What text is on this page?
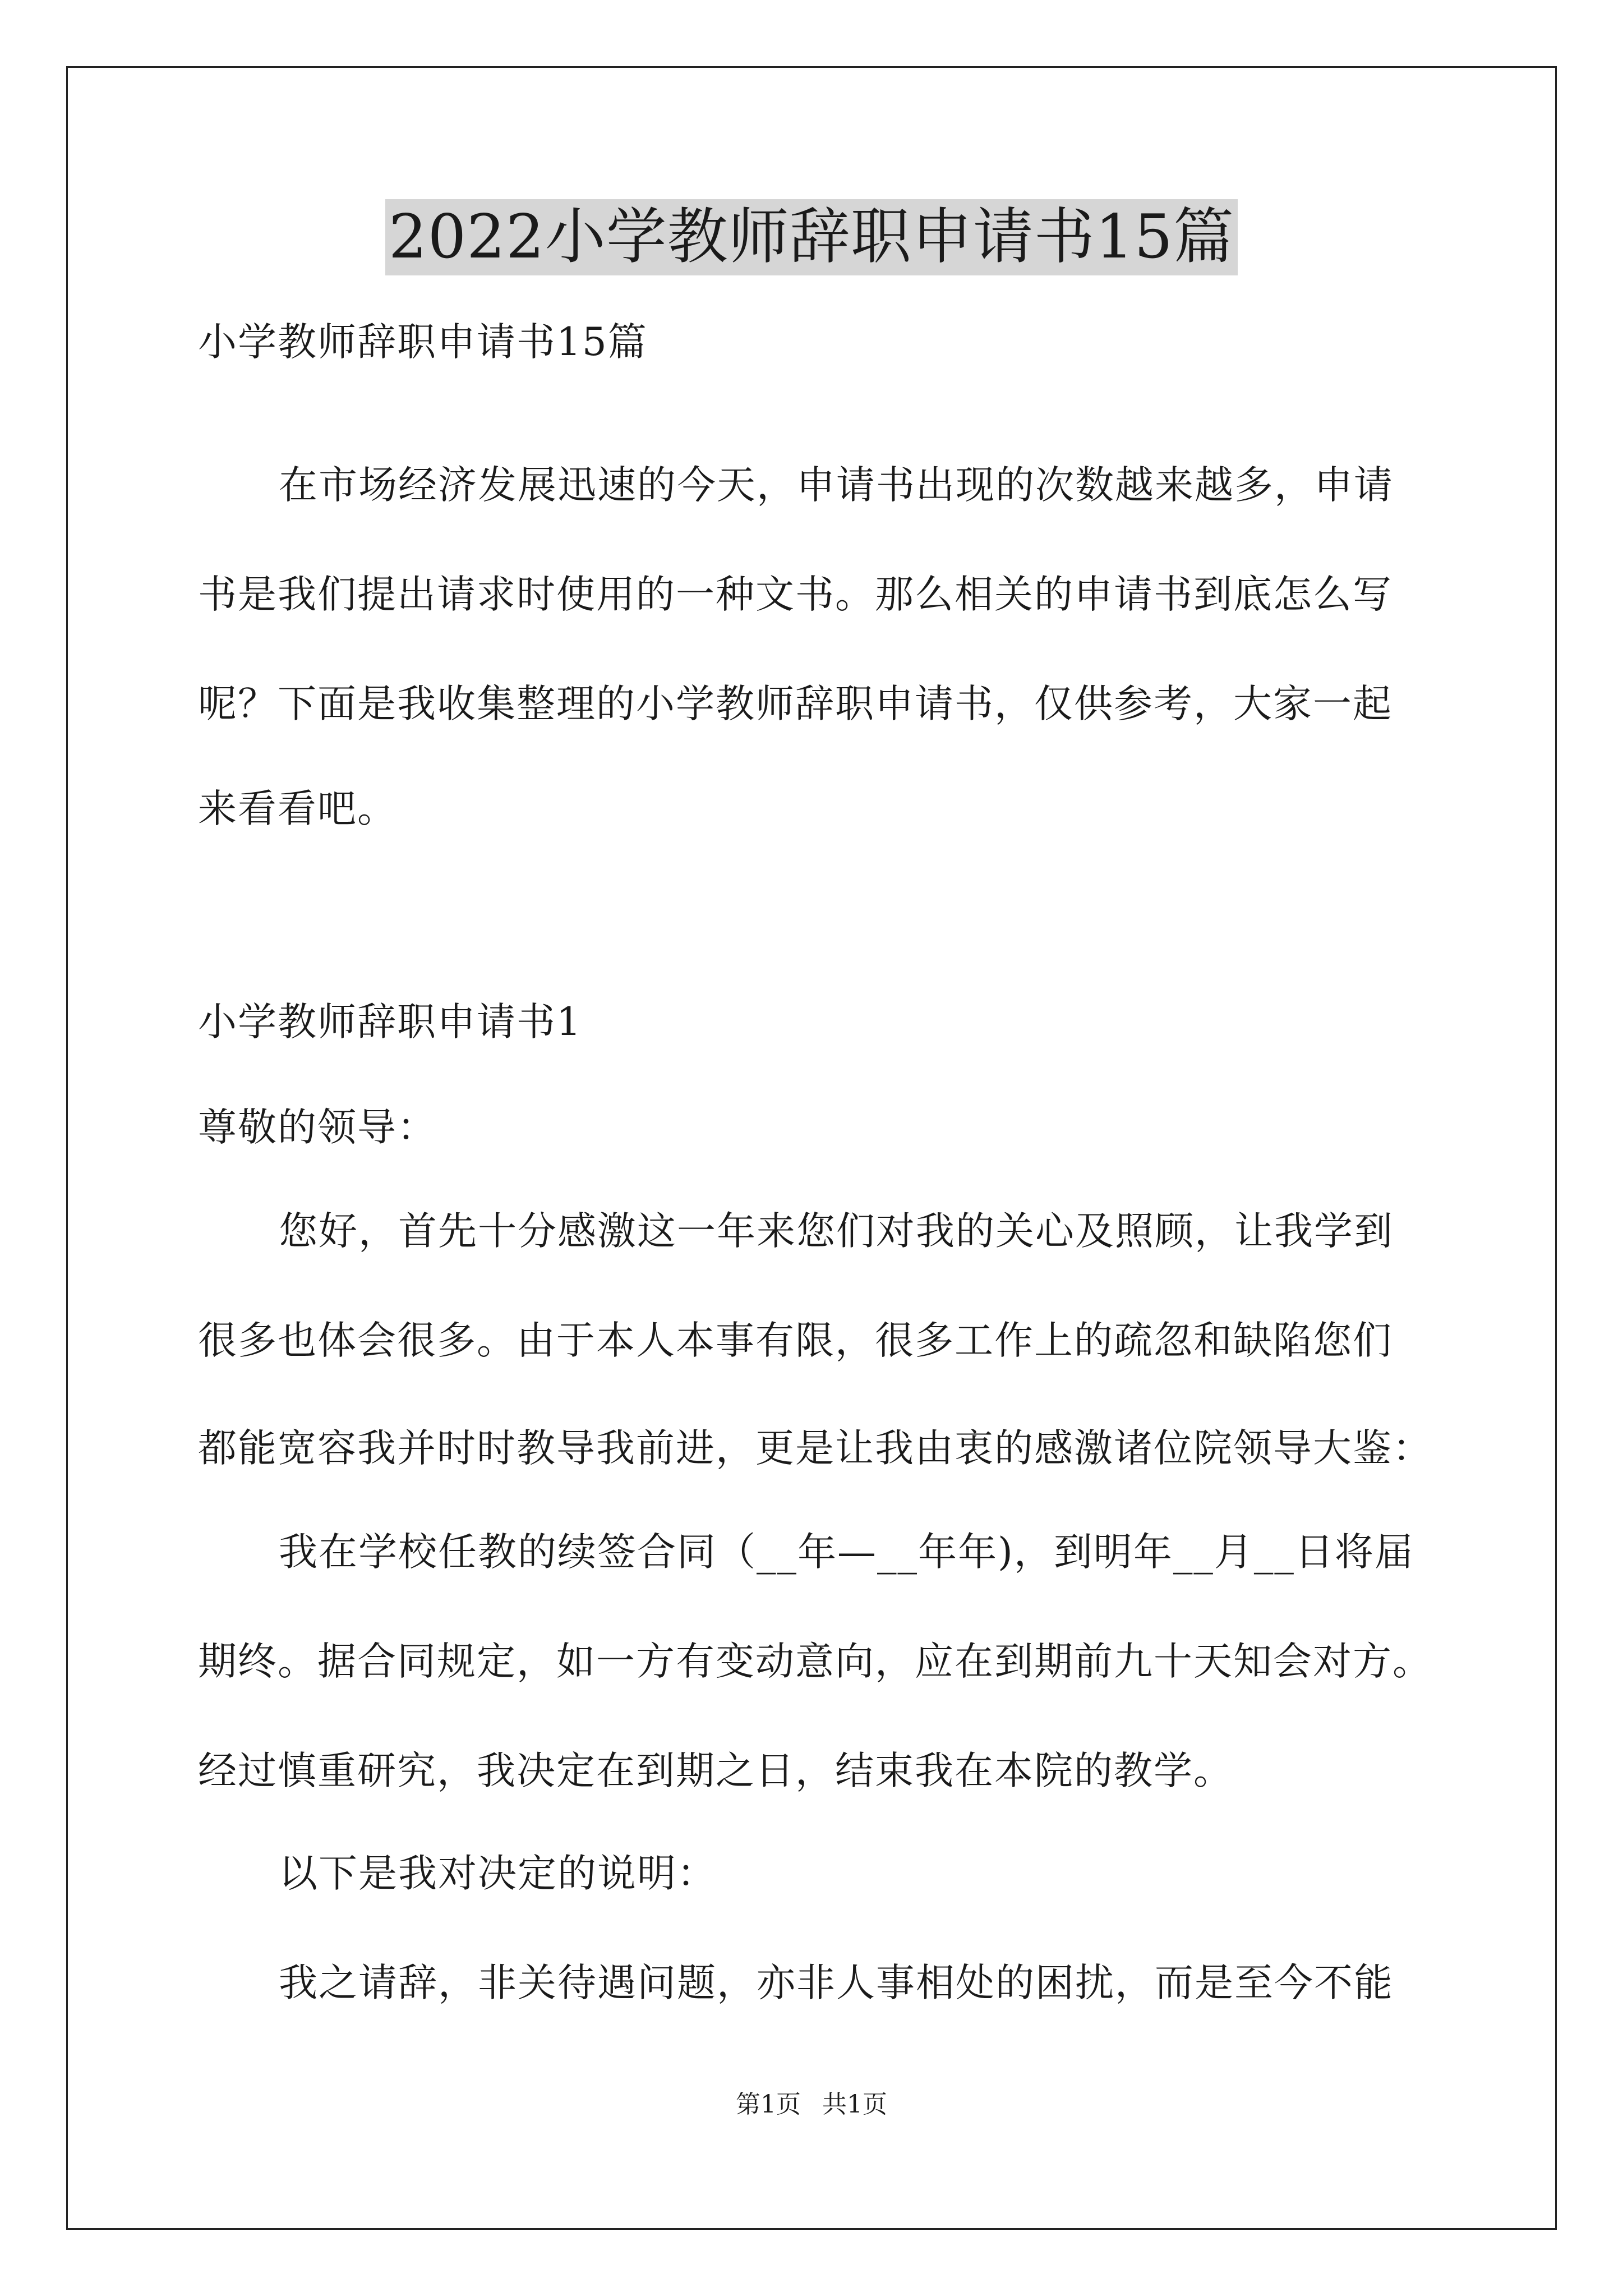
2022小学教师辞职申请书15篇
小学教师辞职申请书15篇
在市场经济发展迅速的今天，申请书出现的次数越来越多，申请
书是我们提出请求时使用的一种文书。那么相关的申请书到底怎么写
呢？下面是我收集整理的小学教师辞职申请书，仅供参考，大家一起
来看看吧。
小学教师辞职申请书1
尊敬的领导：
您好，首先十分感激这一年来您们对我的关心及照顾，让我学到
很多也体会很多。由于本人本事有限，很多工作上的疏忽和缺陷您们
都能宽容我并时时教导我前进，更是让我由衷的感激诸位院领导大鉴：
我在学校任教的续签合同（__年—__年年)，到明年__月__日将届
期终。据合同规定，如一方有变动意向，应在到期前九十天知会对方。
经过慎重研究，我决定在到期之日，结束我在本院的教学。
以下是我对决定的说明：
我之请辞，非关待遇问题，亦非人事相处的困扰，而是至今不能
第1页 共1页
